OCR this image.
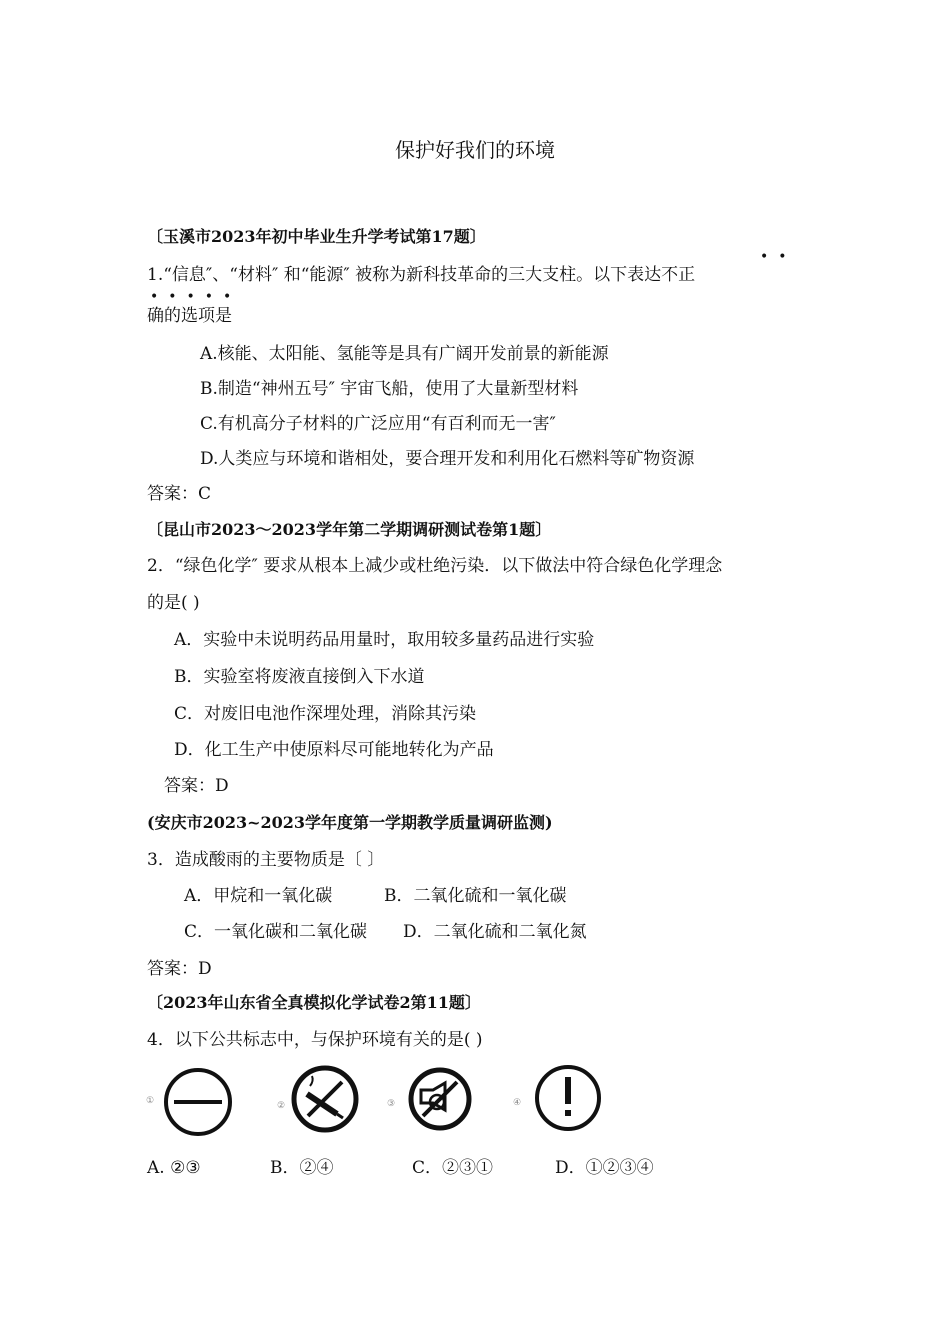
保护好我们的环境
〔玉溪市2023年初中毕业生升学考试第17题〕
••
1.“信息″、“材料″ 和“能源″ 被称为新科技革命的三大支柱。以下表达不正
•••••
确的选项是
A.核能、太阳能、氢能等是具有广阔开发前景的新能源
B.制造“神州五号″ 宇宙飞船，使用了大量新型材料
C.有机高分子材料的广泛应用“有百利而无一害″
D.人类应与环境和谐相处，要合理开发和利用化石燃料等矿物资源
答案：C
〔昆山市2023～2023学年第二学期调研测试卷第1题〕
2．“绿色化学″ 要求从根本上减少或杜绝污染．以下做法中符合绿色化学理念
的是( )
A．实验中未说明药品用量时，取用较多量药品进行实验
B．实验室将废液直接倒入下水道
C．对废旧电池作深埋处理，消除其污染
D．化工生产中使原料尽可能地转化为产品
答案：D
(安庆市2023~2023学年度第一学期教学质量调研监测)
3．造成酸雨的主要物质是〔 〕
A．甲烷和一氧化碳	B．二氧化硫和一氧化碳
C．一氧化碳和二氧化碳 D．二氧化硫和二氧化氮
答案：D
〔2023年山东省全真模拟化学试卷2第11题〕
4．以下公共标志中，与保护环境有关的是( )
①	②	③	④
A. ②③	B．②④	C．②③①	D．①②③④
